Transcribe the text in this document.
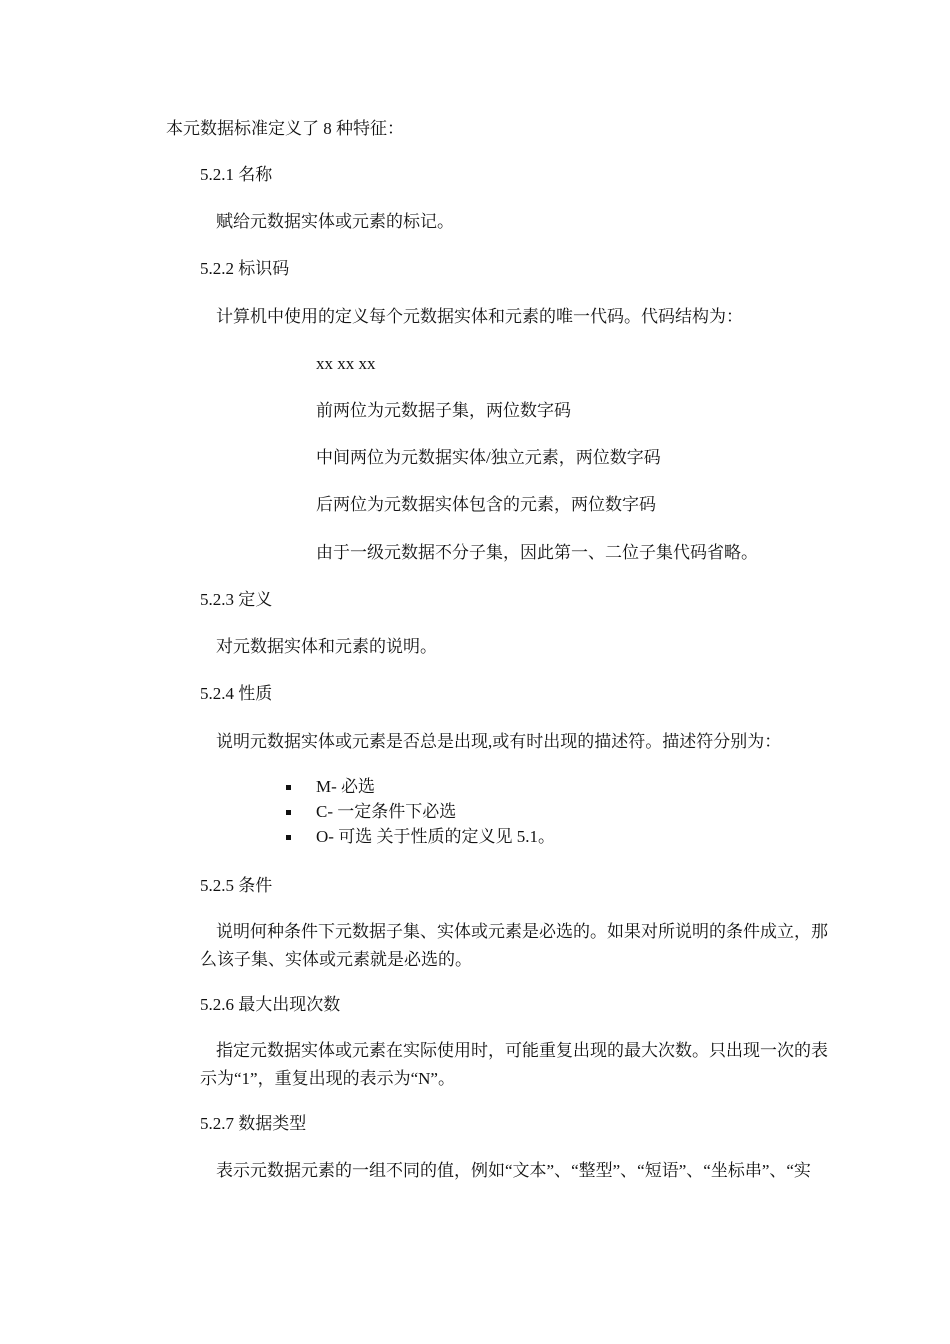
本元数据标准定义了 8 种特征：
5.2.1 名称
赋给元数据实体或元素的标记。
5.2.2 标识码
计算机中使用的定义每个元数据实体和元素的唯一代码。代码结构为：
xx xx xx
前两位为元数据子集，两位数字码
中间两位为元数据实体/独立元素，两位数字码
后两位为元数据实体包含的元素，两位数字码
由于一级元数据不分子集，因此第一、二位子集代码省略。
5.2.3 定义
对元数据实体和元素的说明。
5.2.4 性质
说明元数据实体或元素是否总是出现,或有时出现的描述符。描述符分别为：
M- 必选
C- 一定条件下必选
O- 可选 关于性质的定义见 5.1。
5.2.5 条件
说明何种条件下元数据子集、实体或元素是必选的。如果对所说明的条件成立，那么该子集、实体或元素就是必选的。
5.2.6 最大出现次数
指定元数据实体或元素在实际使用时，可能重复出现的最大次数。只出现一次的表示为“1”，重复出现的表示为“N”。
5.2.7 数据类型
表示元数据元素的一组不同的值，例如“文本”、“整型”、“短语”、“坐标串”、“实
